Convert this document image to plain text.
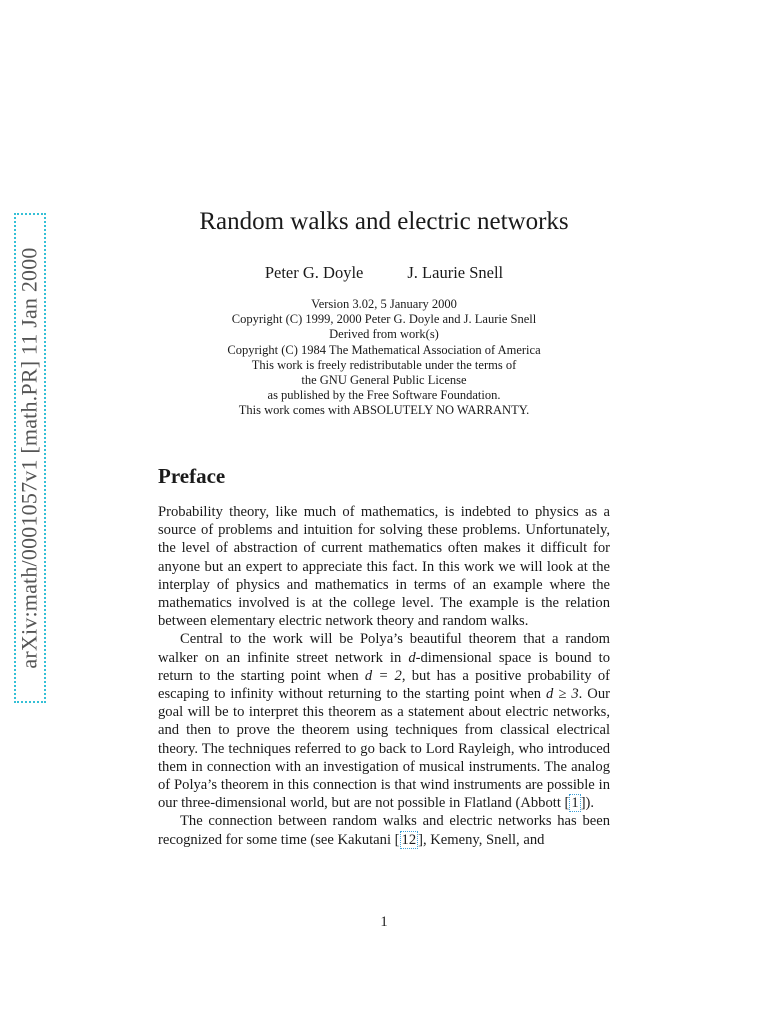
arXiv:math/0001057v1 [math.PR] 11 Jan 2000
Random walks and electric networks
Peter G. Doyle	J. Laurie Snell
Version 3.02, 5 January 2000
Copyright (C) 1999, 2000 Peter G. Doyle and J. Laurie Snell
Derived from work(s)
Copyright (C) 1984 The Mathematical Association of America
This work is freely redistributable under the terms of
the GNU General Public License
as published by the Free Software Foundation.
This work comes with ABSOLUTELY NO WARRANTY.
Preface

Probability theory, like much of mathematics, is indebted to physics as a source of problems and intuition for solving these problems. Unfortunately, the level of abstraction of current mathematics often makes it difficult for anyone but an expert to appreciate this fact. In this work we will look at the interplay of physics and mathematics in terms of an example where the mathematics involved is at the college level. The example is the relation between elementary electric network theory and random walks.

Central to the work will be Polya’s beautiful theorem that a random walker on an infinite street network in d-dimensional space is bound to return to the starting point when d = 2, but has a positive probability of escaping to infinity without returning to the starting point when d ≥ 3. Our goal will be to interpret this theorem as a statement about electric networks, and then to prove the theorem using techniques from classical electrical theory. The techniques referred to go back to Lord Rayleigh, who introduced them in connection with an investigation of musical instruments. The analog of Polya’s theorem in this connection is that wind instruments are possible in our three-dimensional world, but are not possible in Flatland (Abbott [ 1 ]).

The connection between random walks and electric networks has been recognized for some time (see Kakutani [ 12 ], Kemeny, Snell, and

1
